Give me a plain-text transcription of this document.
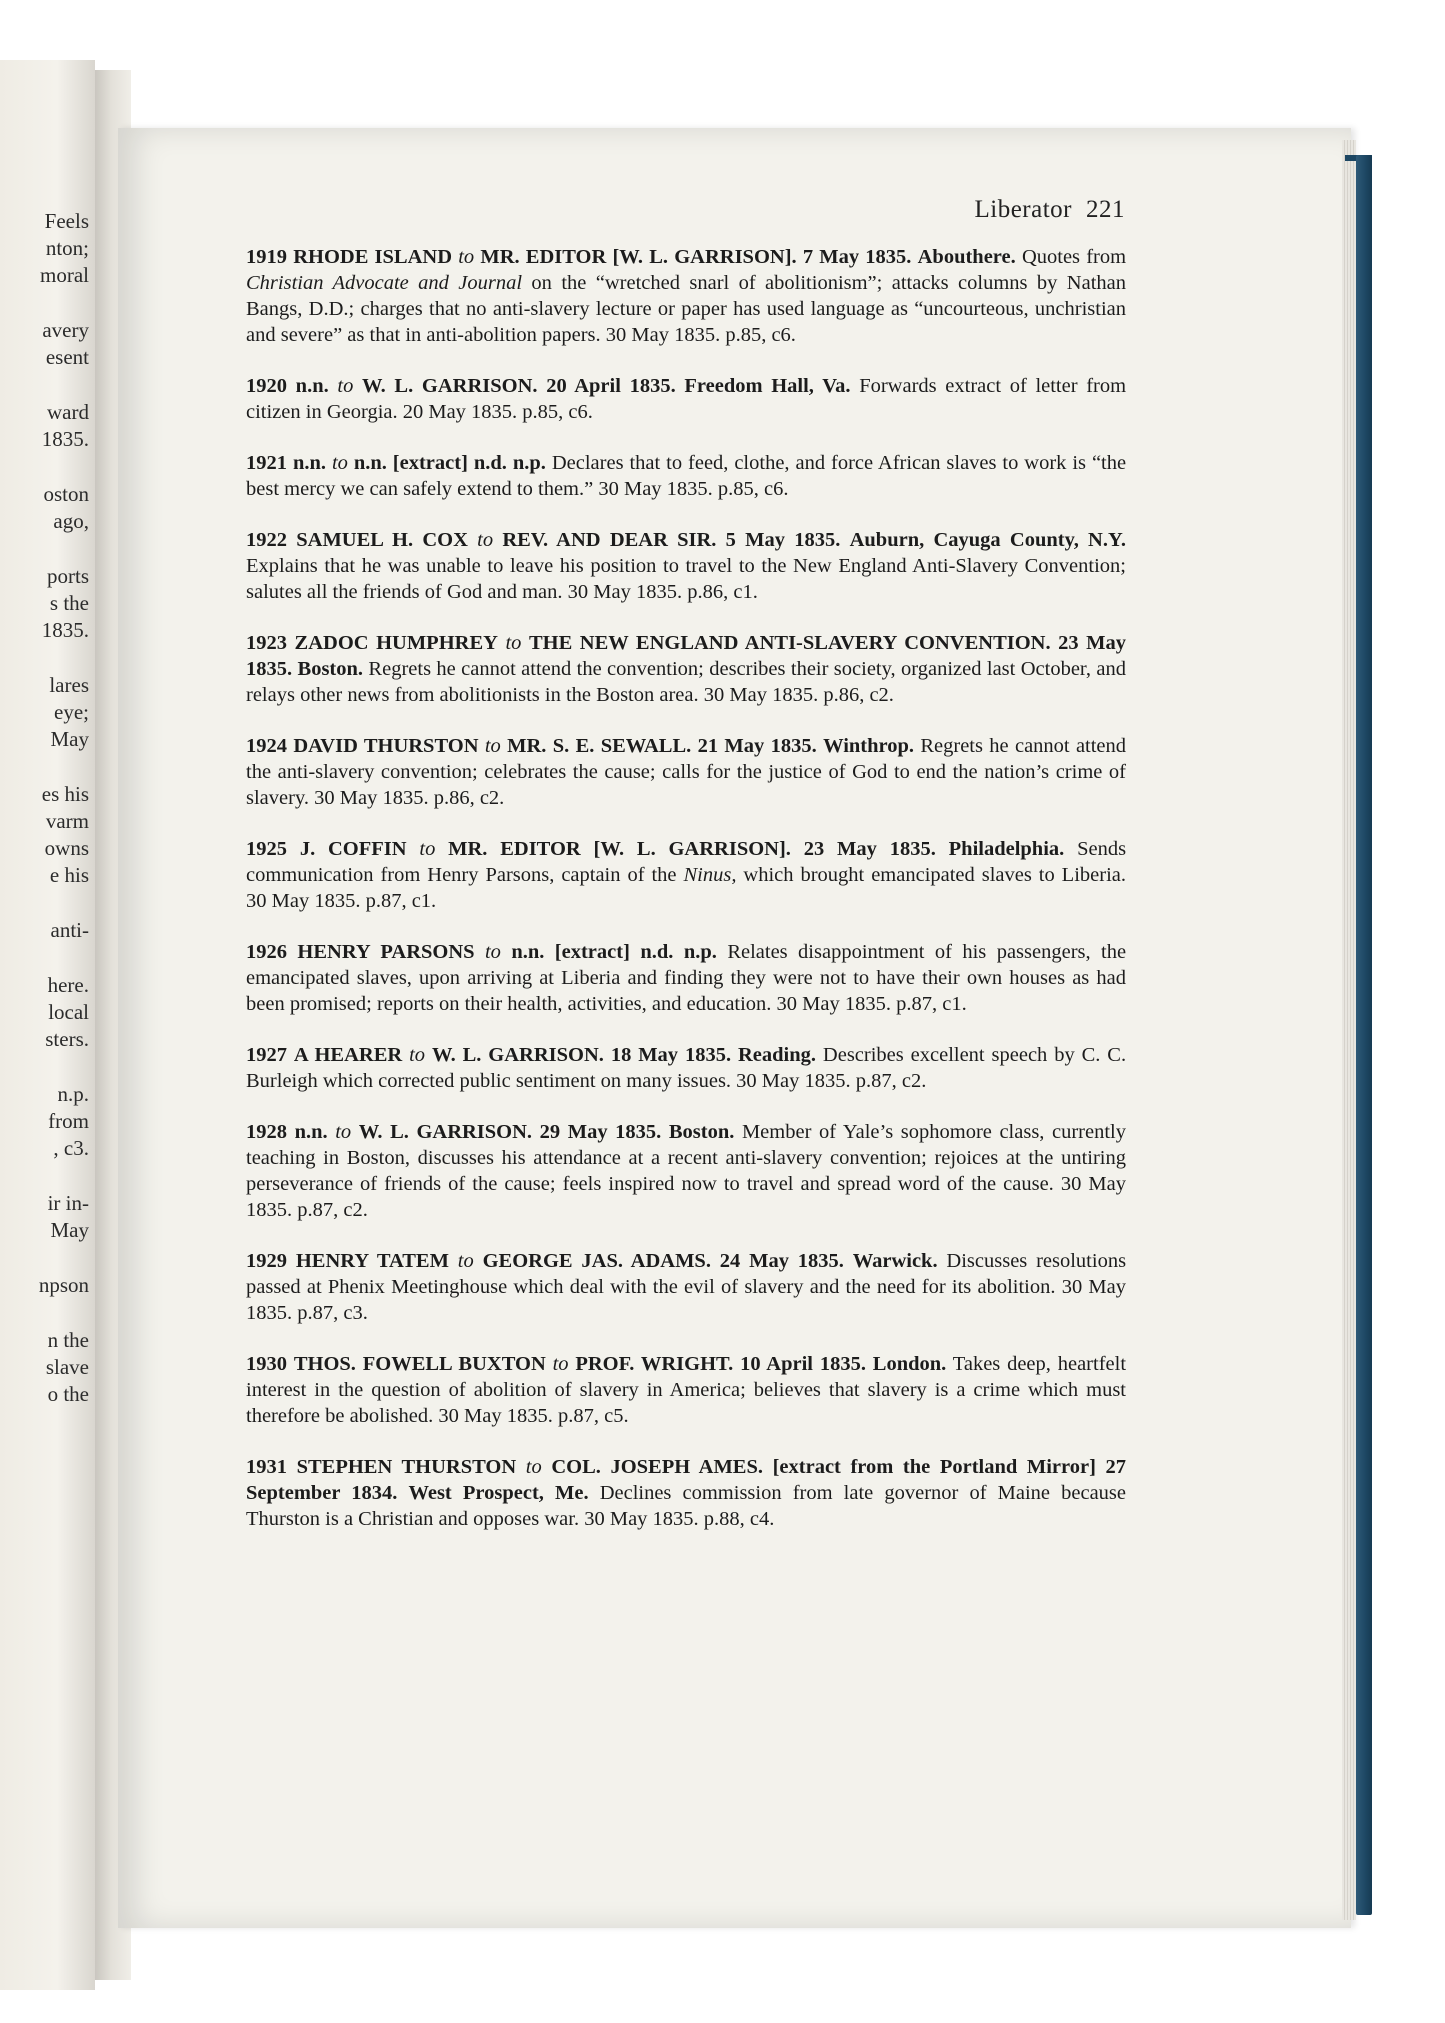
Feels
nton;
moral
avery
esent
ward
1835.
oston
ago,
ports
s the
1835.
lares
eye;
May
es his
varm
owns
e his
anti-
here.
local
sters.
n.p.
from
, c3.
ir in-
May
npson
n the
slave
o the
Liberator 221

1919 RHODE ISLAND to MR. EDITOR [W. L. GARRISON]. 7 May 1835. Abouthere. Quotes from Christian Advocate and Journal on the “wretched snarl of abolitionism”; attacks columns by Nathan Bangs, D.D.; charges that no anti-slavery lecture or paper has used language as “uncourteous, unchristian and severe” as that in anti-abolition papers. 30 May 1835. p.85, c6.

1920 n.n. to W. L. GARRISON. 20 April 1835. Freedom Hall, Va. Forwards extract of letter from citizen in Georgia. 20 May 1835. p.85, c6.

1921 n.n. to n.n. [extract] n.d. n.p. Declares that to feed, clothe, and force African slaves to work is “the best mercy we can safely extend to them.” 30 May 1835. p.85, c6.

1922 SAMUEL H. COX to REV. AND DEAR SIR. 5 May 1835. Auburn, Cayuga County, N.Y. Explains that he was unable to leave his position to travel to the New England Anti-Slavery Convention; salutes all the friends of God and man. 30 May 1835. p.86, c1.

1923 ZADOC HUMPHREY to THE NEW ENGLAND ANTI-SLAVERY CONVENTION. 23 May 1835. Boston. Regrets he cannot attend the convention; describes their society, organized last October, and relays other news from abolitionists in the Boston area. 30 May 1835. p.86, c2.

1924 DAVID THURSTON to MR. S. E. SEWALL. 21 May 1835. Winthrop. Regrets he cannot attend the anti-slavery convention; celebrates the cause; calls for the justice of God to end the nation’s crime of slavery. 30 May 1835. p.86, c2.

1925 J. COFFIN to MR. EDITOR [W. L. GARRISON]. 23 May 1835. Philadelphia. Sends communication from Henry Parsons, captain of the Ninus, which brought emancipated slaves to Liberia. 30 May 1835. p.87, c1.

1926 HENRY PARSONS to n.n. [extract] n.d. n.p. Relates disappointment of his passengers, the emancipated slaves, upon arriving at Liberia and finding they were not to have their own houses as had been promised; reports on their health, activities, and education. 30 May 1835. p.87, c1.

1927 A HEARER to W. L. GARRISON. 18 May 1835. Reading. Describes excellent speech by C. C. Burleigh which corrected public sentiment on many issues. 30 May 1835. p.87, c2.

1928 n.n. to W. L. GARRISON. 29 May 1835. Boston. Member of Yale’s sophomore class, currently teaching in Boston, discusses his attendance at a recent anti-slavery convention; rejoices at the untiring perseverance of friends of the cause; feels inspired now to travel and spread word of the cause. 30 May 1835. p.87, c2.

1929 HENRY TATEM to GEORGE JAS. ADAMS. 24 May 1835. Warwick. Discusses resolutions passed at Phenix Meetinghouse which deal with the evil of slavery and the need for its abolition. 30 May 1835. p.87, c3.

1930 THOS. FOWELL BUXTON to PROF. WRIGHT. 10 April 1835. London. Takes deep, heartfelt interest in the question of abolition of slavery in America; believes that slavery is a crime which must therefore be abolished. 30 May 1835. p.87, c5.

1931 STEPHEN THURSTON to COL. JOSEPH AMES. [extract from the Portland Mirror] 27 September 1834. West Prospect, Me. Declines commission from late governor of Maine because Thurston is a Christian and opposes war. 30 May 1835. p.88, c4.
